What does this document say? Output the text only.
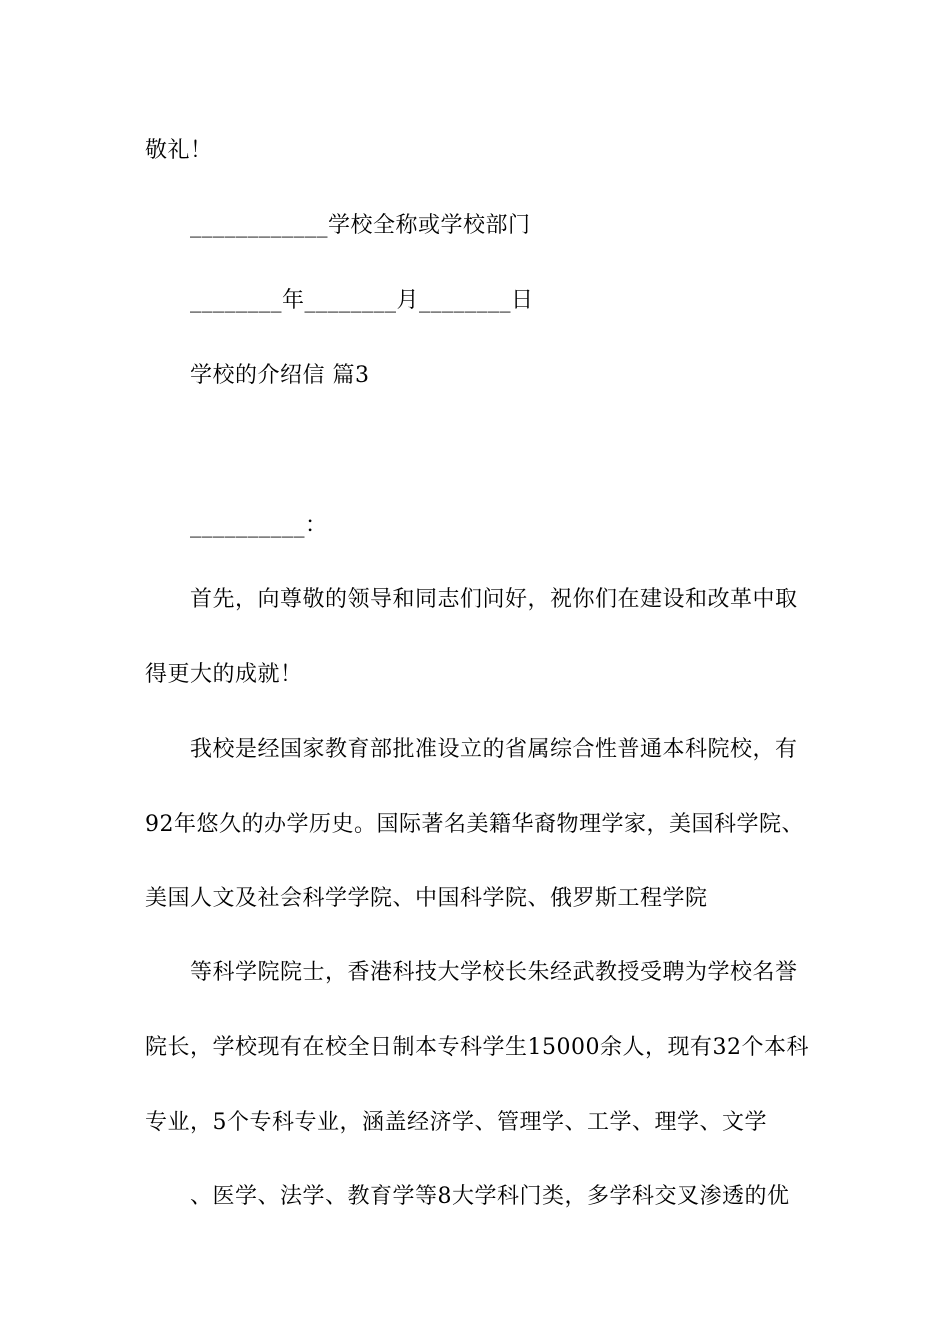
敬礼！
____________学校全称或学校部门
________年________月________日
学校的介绍信 篇3
__________：
首先，向尊敬的领导和同志们问好，祝你们在建设和改革中取
得更大的成就！
我校是经国家教育部批准设立的省属综合性普通本科院校，有
92年悠久的办学历史。国际著名美籍华裔物理学家，美国科学院、
美国人文及社会科学学院、中国科学院、俄罗斯工程学院
等科学院院士，香港科技大学校长朱经武教授受聘为学校名誉
院长，学校现有在校全日制本专科学生15000余人，现有32个本科
专业，5个专科专业，涵盖经济学、管理学、工学、理学、文学
、医学、法学、教育学等8大学科门类，多学科交叉渗透的优
